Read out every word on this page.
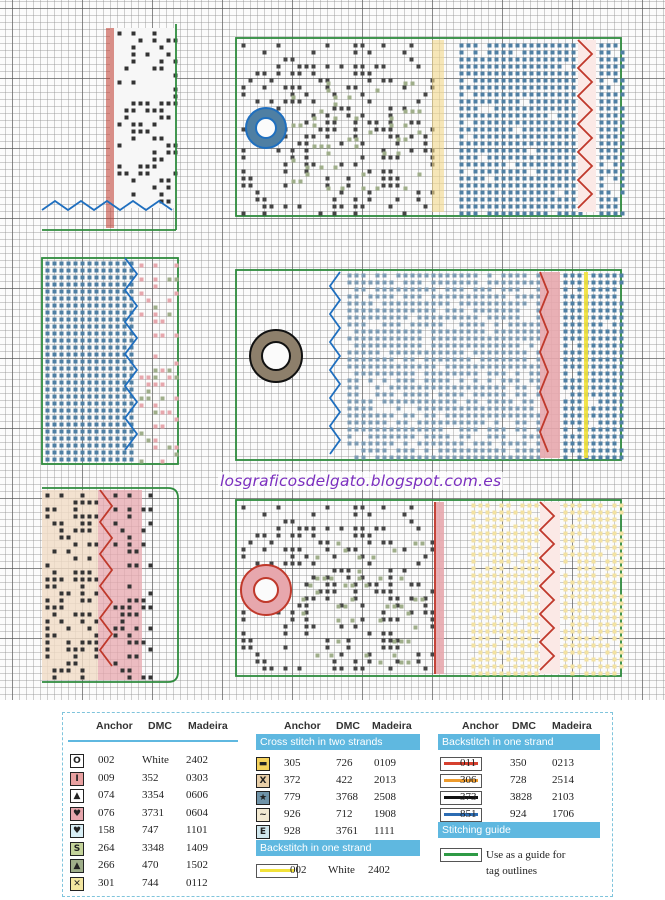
losgraficosdelgato.blogspot.com.es
Anchor DMC Madeira
O 002	White 2402
I	009	352	0303
▲	074	3354 0606
♥ 076	3731 0604
♥ 158	747	1101
S	264	3348 1409
▲	266	470	1502
✕ 301	744	0112
Anchor DMC Madeira
Cross stitch in two strands
Backstitch in one strand
▬ 305	726 0109
X	372	422 2013
★ 779	3768 2508
~ 926	712 1908
E	928	3761 1111
002 White 2402
Anchor DMC Madeira
Backstitch in one strand
Stitching guide
Use as a guide for
tag outlines
011	350 0213
306	728 2514
373	3828 2103
851	924 1706
